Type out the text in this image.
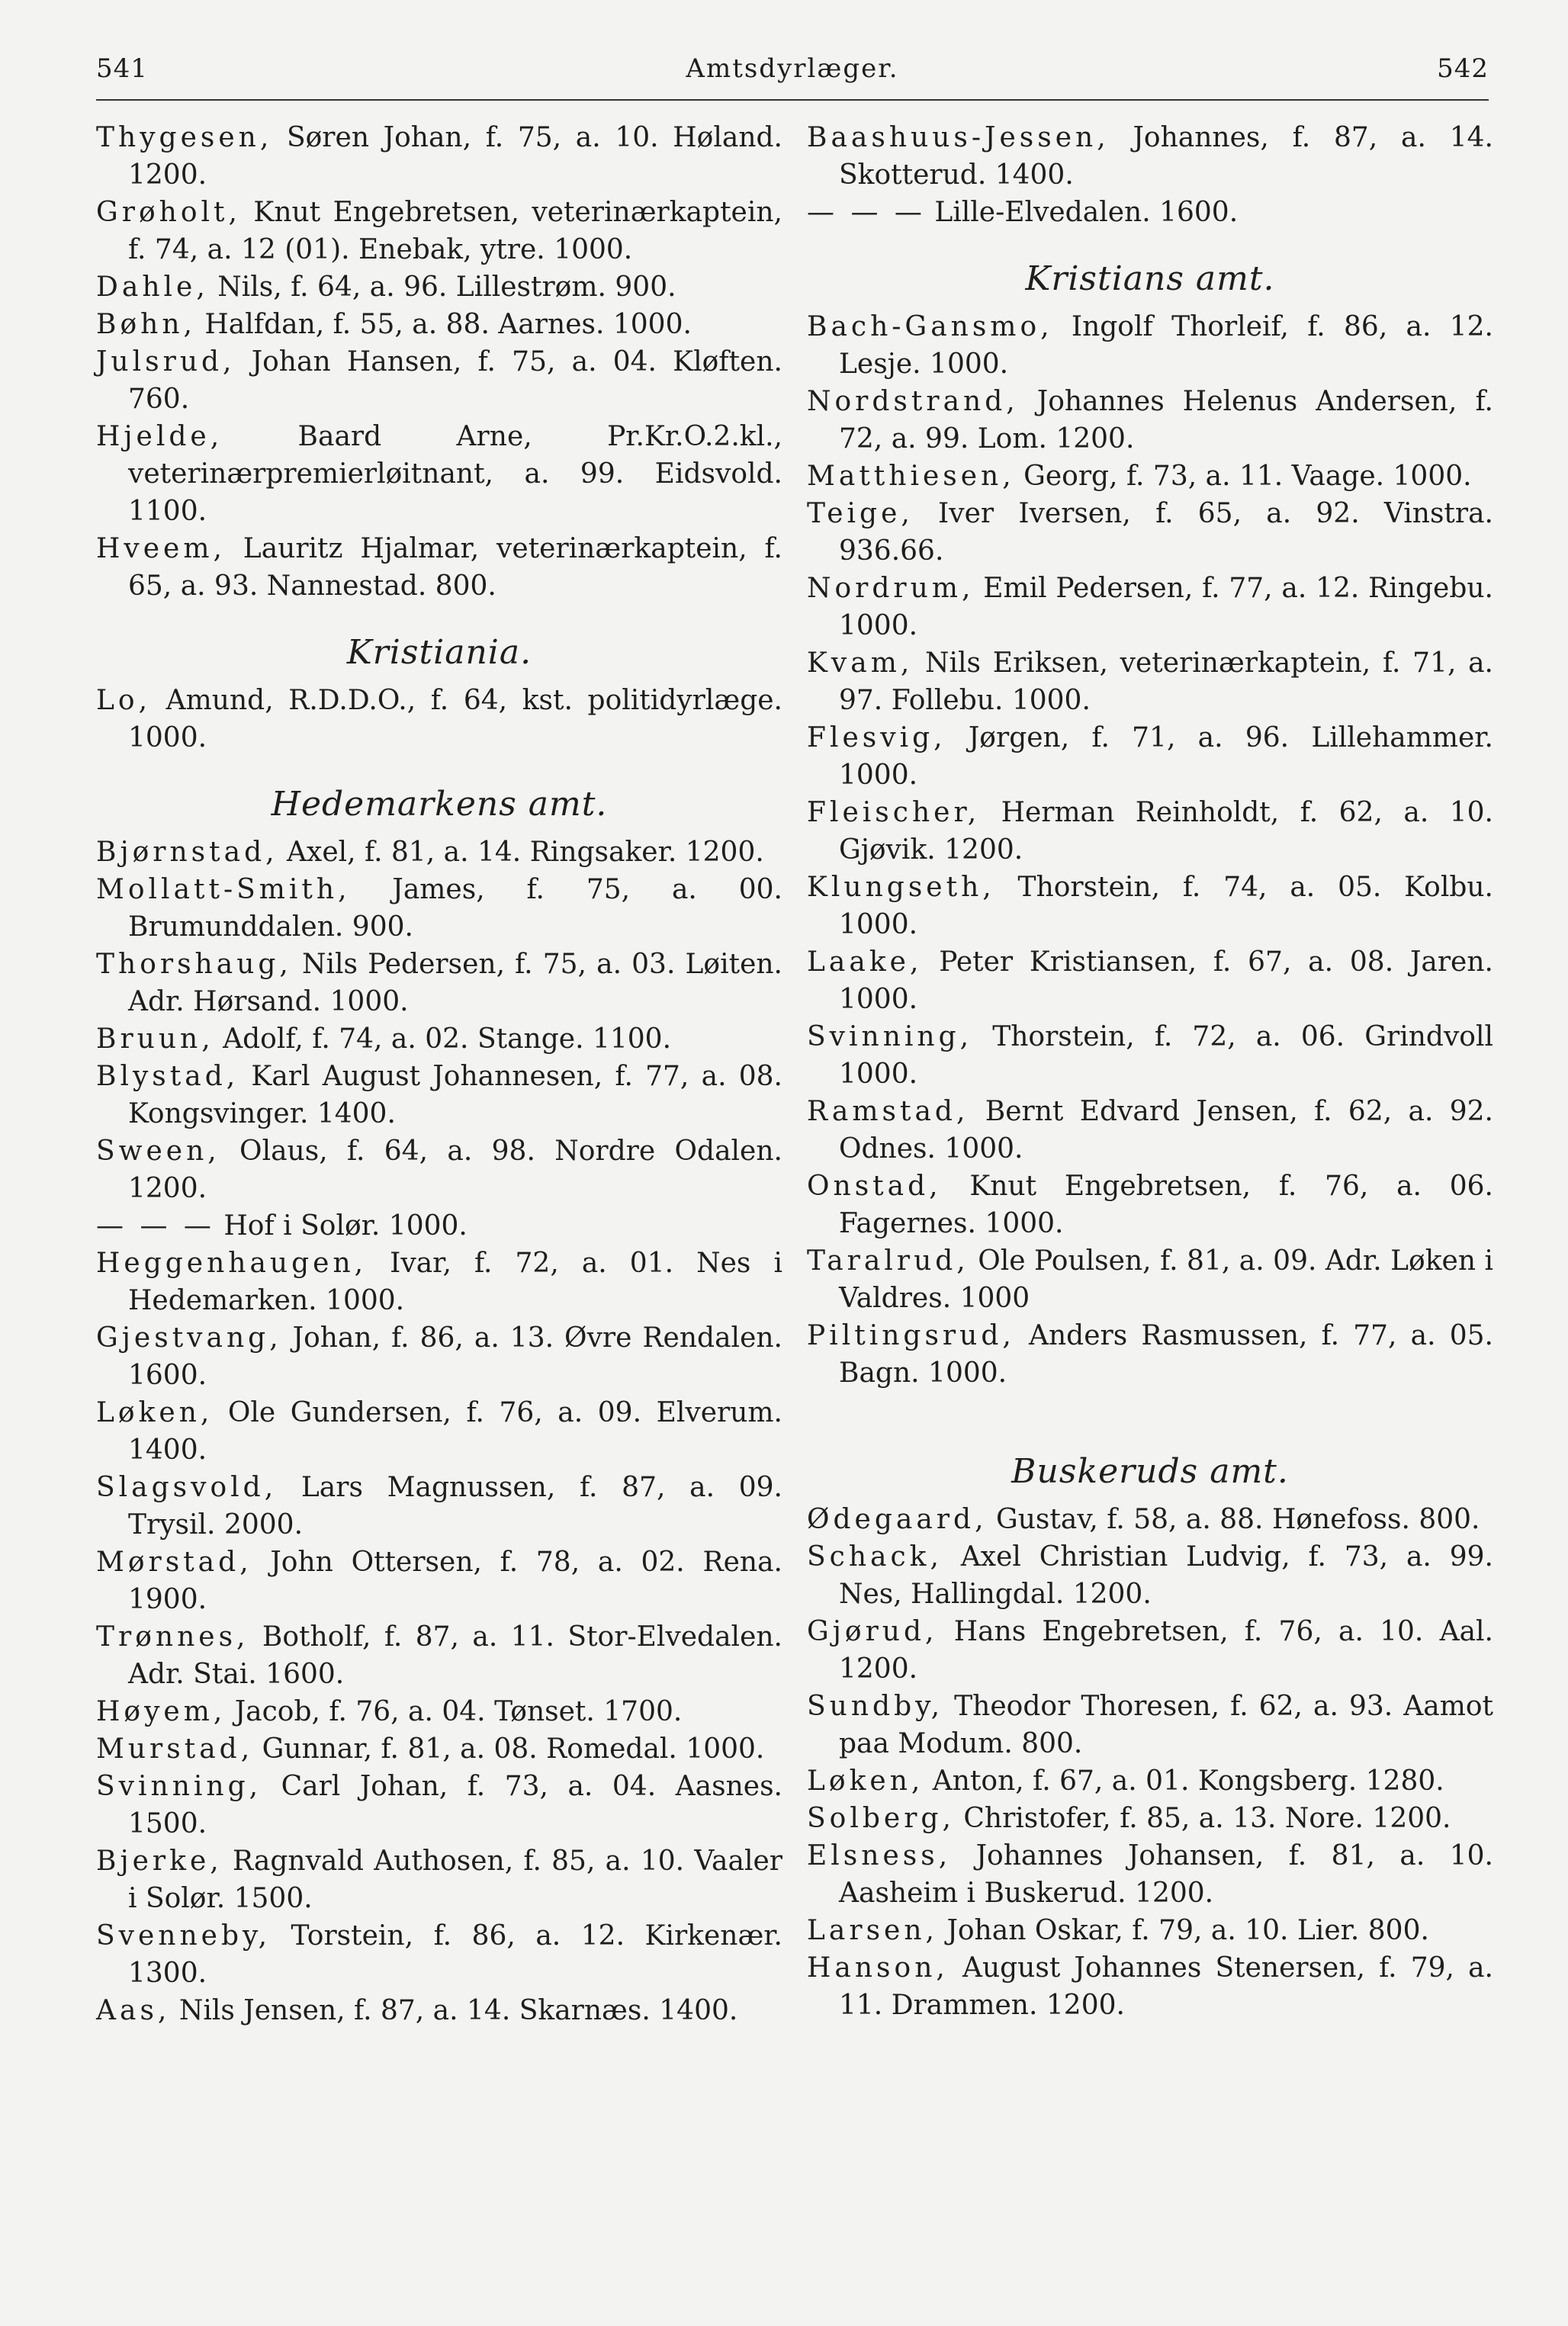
541	Amtsdyrlæger.	542

Thygesen, Søren Johan, f. 75, a. 10. Høland. 1200.

Grøholt, Knut Engebretsen, veterinærkaptein, f. 74, a. 12 (01). Enebak, ytre. 1000.

Dahle, Nils, f. 64, a. 96. Lillestrøm. 900.

Bøhn, Halfdan, f. 55, a. 88. Aarnes. 1000.

Julsrud, Johan Hansen, f. 75, a. 04. Kløften. 760.

Hjelde, Baard Arne, Pr.Kr.O.2.kl., veterinærpremierløitnant, a. 99. Eidsvold. 1100.

Hveem, Lauritz Hjalmar, veterinærkaptein, f. 65, a. 93. Nannestad. 800.

Kristiania.

Lo, Amund, R.D.D.O., f. 64, kst. politidyrlæge. 1000.

Hedemarkens amt.

Bjørnstad, Axel, f. 81, a. 14. Ringsaker. 1200.

Mollatt-Smith, James, f. 75, a. 00. Brumunddalen. 900.

Thorshaug, Nils Pedersen, f. 75, a. 03. Løiten. Adr. Hørsand. 1000.

Bruun, Adolf, f. 74, a. 02. Stange. 1100.

Blystad, Karl August Johannesen, f. 77, a. 08. Kongsvinger. 1400.

Sween, Olaus, f. 64, a. 98. Nordre Odalen. 1200.

— — — Hof i Solør. 1000.

Heggenhaugen, Ivar, f. 72, a. 01. Nes i Hedemarken. 1000.

Gjestvang, Johan, f. 86, a. 13. Øvre Rendalen. 1600.

Løken, Ole Gundersen, f. 76, a. 09. Elverum. 1400.

Slagsvold, Lars Magnussen, f. 87, a. 09. Trysil. 2000.

Mørstad, John Ottersen, f. 78, a. 02. Rena. 1900.

Trønnes, Botholf, f. 87, a. 11. Stor-Elvedalen. Adr. Stai. 1600.

Høyem, Jacob, f. 76, a. 04. Tønset. 1700.

Murstad, Gunnar, f. 81, a. 08. Romedal. 1000.

Svinning, Carl Johan, f. 73, a. 04. Aasnes. 1500.

Bjerke, Ragnvald Authosen, f. 85, a. 10. Vaaler i Solør. 1500.

Svenneby, Torstein, f. 86, a. 12. Kirkenær. 1300.

Aas, Nils Jensen, f. 87, a. 14. Skarnæs. 1400.

Baashuus-Jessen, Johannes, f. 87, a. 14. Skotterud. 1400.

— — — Lille-Elvedalen. 1600.

Kristians amt.

Bach-Gansmo, Ingolf Thorleif, f. 86, a. 12. Lesje. 1000.

Nordstrand, Johannes Helenus Andersen, f. 72, a. 99. Lom. 1200.

Matthiesen, Georg, f. 73, a. 11. Vaage. 1000.

Teige, Iver Iversen, f. 65, a. 92. Vinstra. 936.66.

Nordrum, Emil Pedersen, f. 77, a. 12. Ringebu. 1000.

Kvam, Nils Eriksen, veterinærkaptein, f. 71, a. 97. Follebu. 1000.

Flesvig, Jørgen, f. 71, a. 96. Lillehammer. 1000.

Fleischer, Herman Reinholdt, f. 62, a. 10. Gjøvik. 1200.

Klungseth, Thorstein, f. 74, a. 05. Kolbu. 1000.

Laake, Peter Kristiansen, f. 67, a. 08. Jaren. 1000.

Svinning, Thorstein, f. 72, a. 06. Grindvoll 1000.

Ramstad, Bernt Edvard Jensen, f. 62, a. 92. Odnes. 1000.

Onstad, Knut Engebretsen, f. 76, a. 06. Fagernes. 1000.

Taralrud, Ole Poulsen, f. 81, a. 09. Adr. Løken i Valdres. 1000

Piltingsrud, Anders Rasmussen, f. 77, a. 05. Bagn. 1000.

Buskeruds amt.

Ødegaard, Gustav, f. 58, a. 88. Hønefoss. 800.

Schack, Axel Christian Ludvig, f. 73, a. 99. Nes, Hallingdal. 1200.

Gjørud, Hans Engebretsen, f. 76, a. 10. Aal. 1200.

Sundby, Theodor Thoresen, f. 62, a. 93. Aamot paa Modum. 800.

Løken, Anton, f. 67, a. 01. Kongsberg. 1280.

Solberg, Christofer, f. 85, a. 13. Nore. 1200.

Elsness, Johannes Johansen, f. 81, a. 10. Aasheim i Buskerud. 1200.

Larsen, Johan Oskar, f. 79, a. 10. Lier. 800.

Hanson, August Johannes Stenersen, f. 79, a. 11. Drammen. 1200.
